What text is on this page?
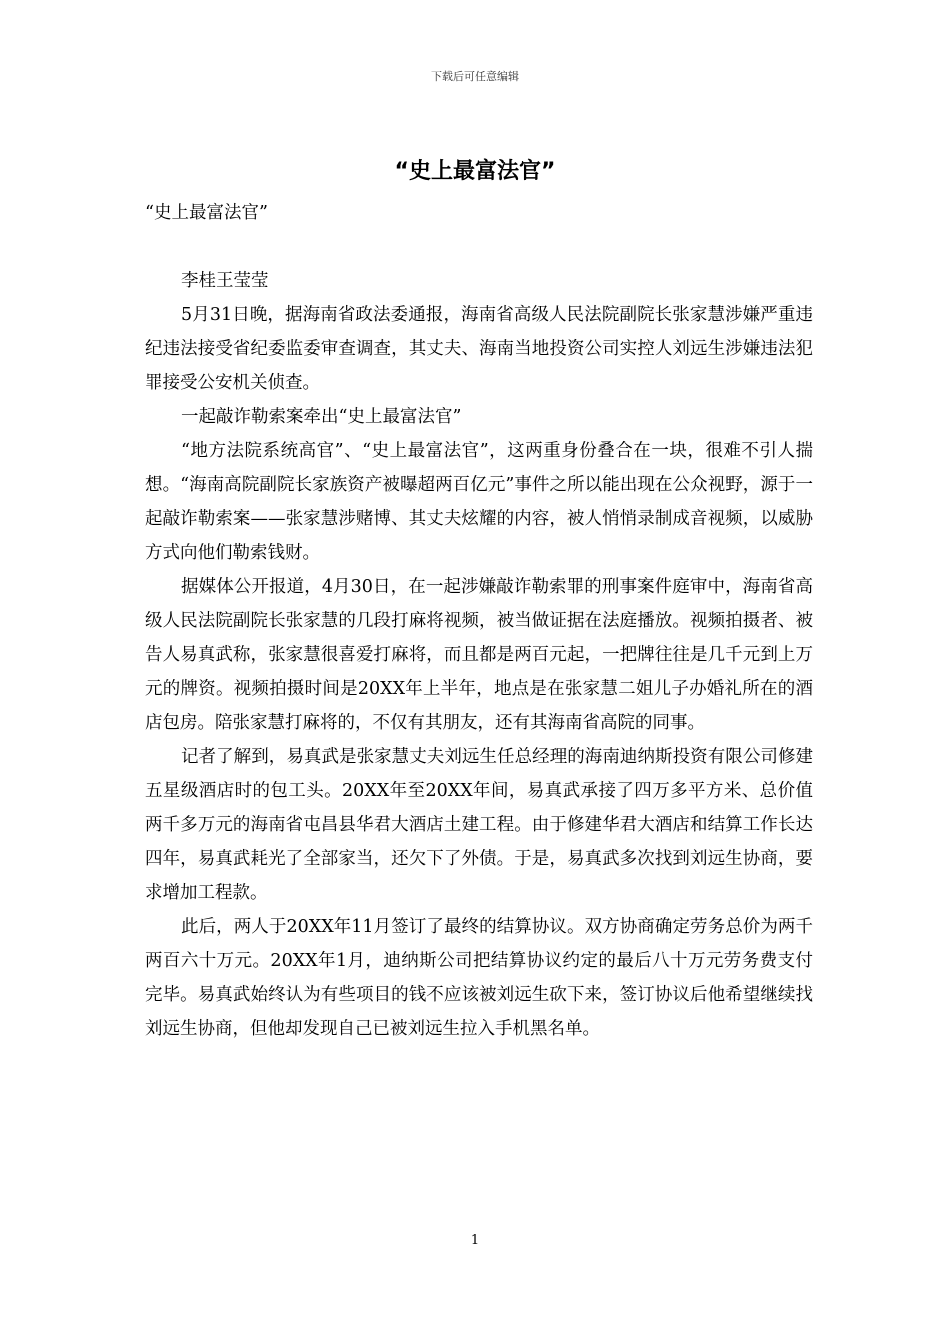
下载后可任意编辑
“史上最富法官”

“史上最富法官”

李桂王莹莹

5月31日晚，据海南省政法委通报，海南省高级人民法院副院长张家慧涉嫌严重违纪违法接受省纪委监委审查调查，其丈夫、海南当地投资公司实控人刘远生涉嫌违法犯罪接受公安机关侦查。

一起敲诈勒索案牵出“史上最富法官”

“地方法院系统高官”、“史上最富法官”，这两重身份叠合在一块，很难不引人揣想。“海南高院副院长家族资产被曝超两百亿元”事件之所以能出现在公众视野，源于一起敲诈勒索案——张家慧涉赌博、其丈夫炫耀的内容，被人悄悄录制成音视频，以威胁方式向他们勒索钱财。

据媒体公开报道，4月30日，在一起涉嫌敲诈勒索罪的刑事案件庭审中，海南省高级人民法院副院长张家慧的几段打麻将视频，被当做证据在法庭播放。视频拍摄者、被告人易真武称，张家慧很喜爱打麻将，而且都是两百元起，一把牌往往是几千元到上万元的牌资。视频拍摄时间是20XX年上半年，地点是在张家慧二姐儿子办婚礼所在的酒店包房。陪张家慧打麻将的，不仅有其朋友，还有其海南省高院的同事。

记者了解到，易真武是张家慧丈夫刘远生任总经理的海南迪纳斯投资有限公司修建五星级酒店时的包工头。20XX年至20XX年间，易真武承接了四万多平方米、总价值两千多万元的海南省屯昌县华君大酒店土建工程。由于修建华君大酒店和结算工作长达四年，易真武耗光了全部家当，还欠下了外债。于是，易真武多次找到刘远生协商，要求增加工程款。

此后，两人于20XX年11月签订了最终的结算协议。双方协商确定劳务总价为两千两百六十万元。20XX年1月，迪纳斯公司把结算协议约定的最后八十万元劳务费支付完毕。易真武始终认为有些项目的钱不应该被刘远生砍下来，签订协议后他希望继续找刘远生协商，但他却发现自己已被刘远生拉入手机黑名单。

1
